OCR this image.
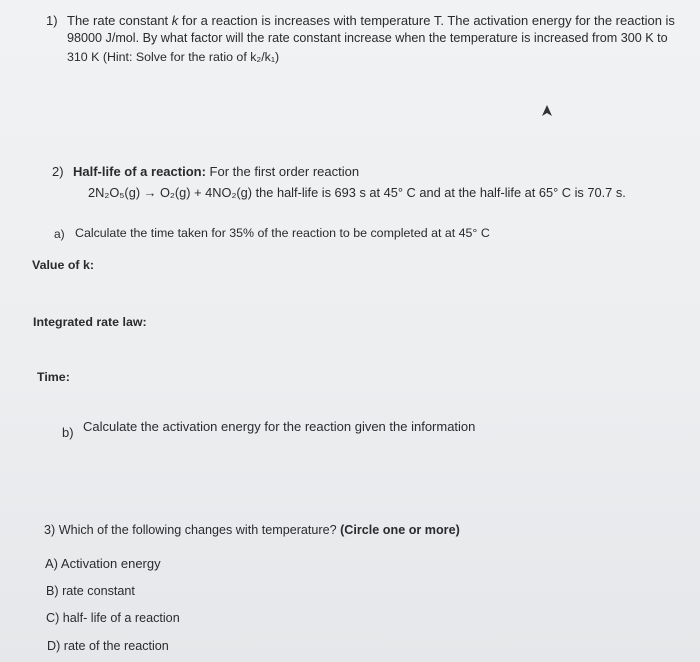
1) The rate constant k for a reaction is increases with temperature T. The activation energy for the reaction is
98000 J/mol. By what factor will the rate constant increase when the temperature is increased from 300 K to
310 K (Hint: Solve for the ratio of k₂/k₁)
2) Half-life of a reaction: For the first order reaction
2N₂O₅(g) → O₂(g) + 4NO₂(g) the half-life is 693 s at 45° C and at the half-life at 65° C is 70.7 s.
a) Calculate the time taken for 35% of the reaction to be completed at at 45° C
Value of k:
Integrated rate law:
Time:
b) Calculate the activation energy for the reaction given the information
3) Which of the following changes with temperature? (Circle one or more)
A) Activation energy
B) rate constant
C) half- life of a reaction
D) rate of the reaction
